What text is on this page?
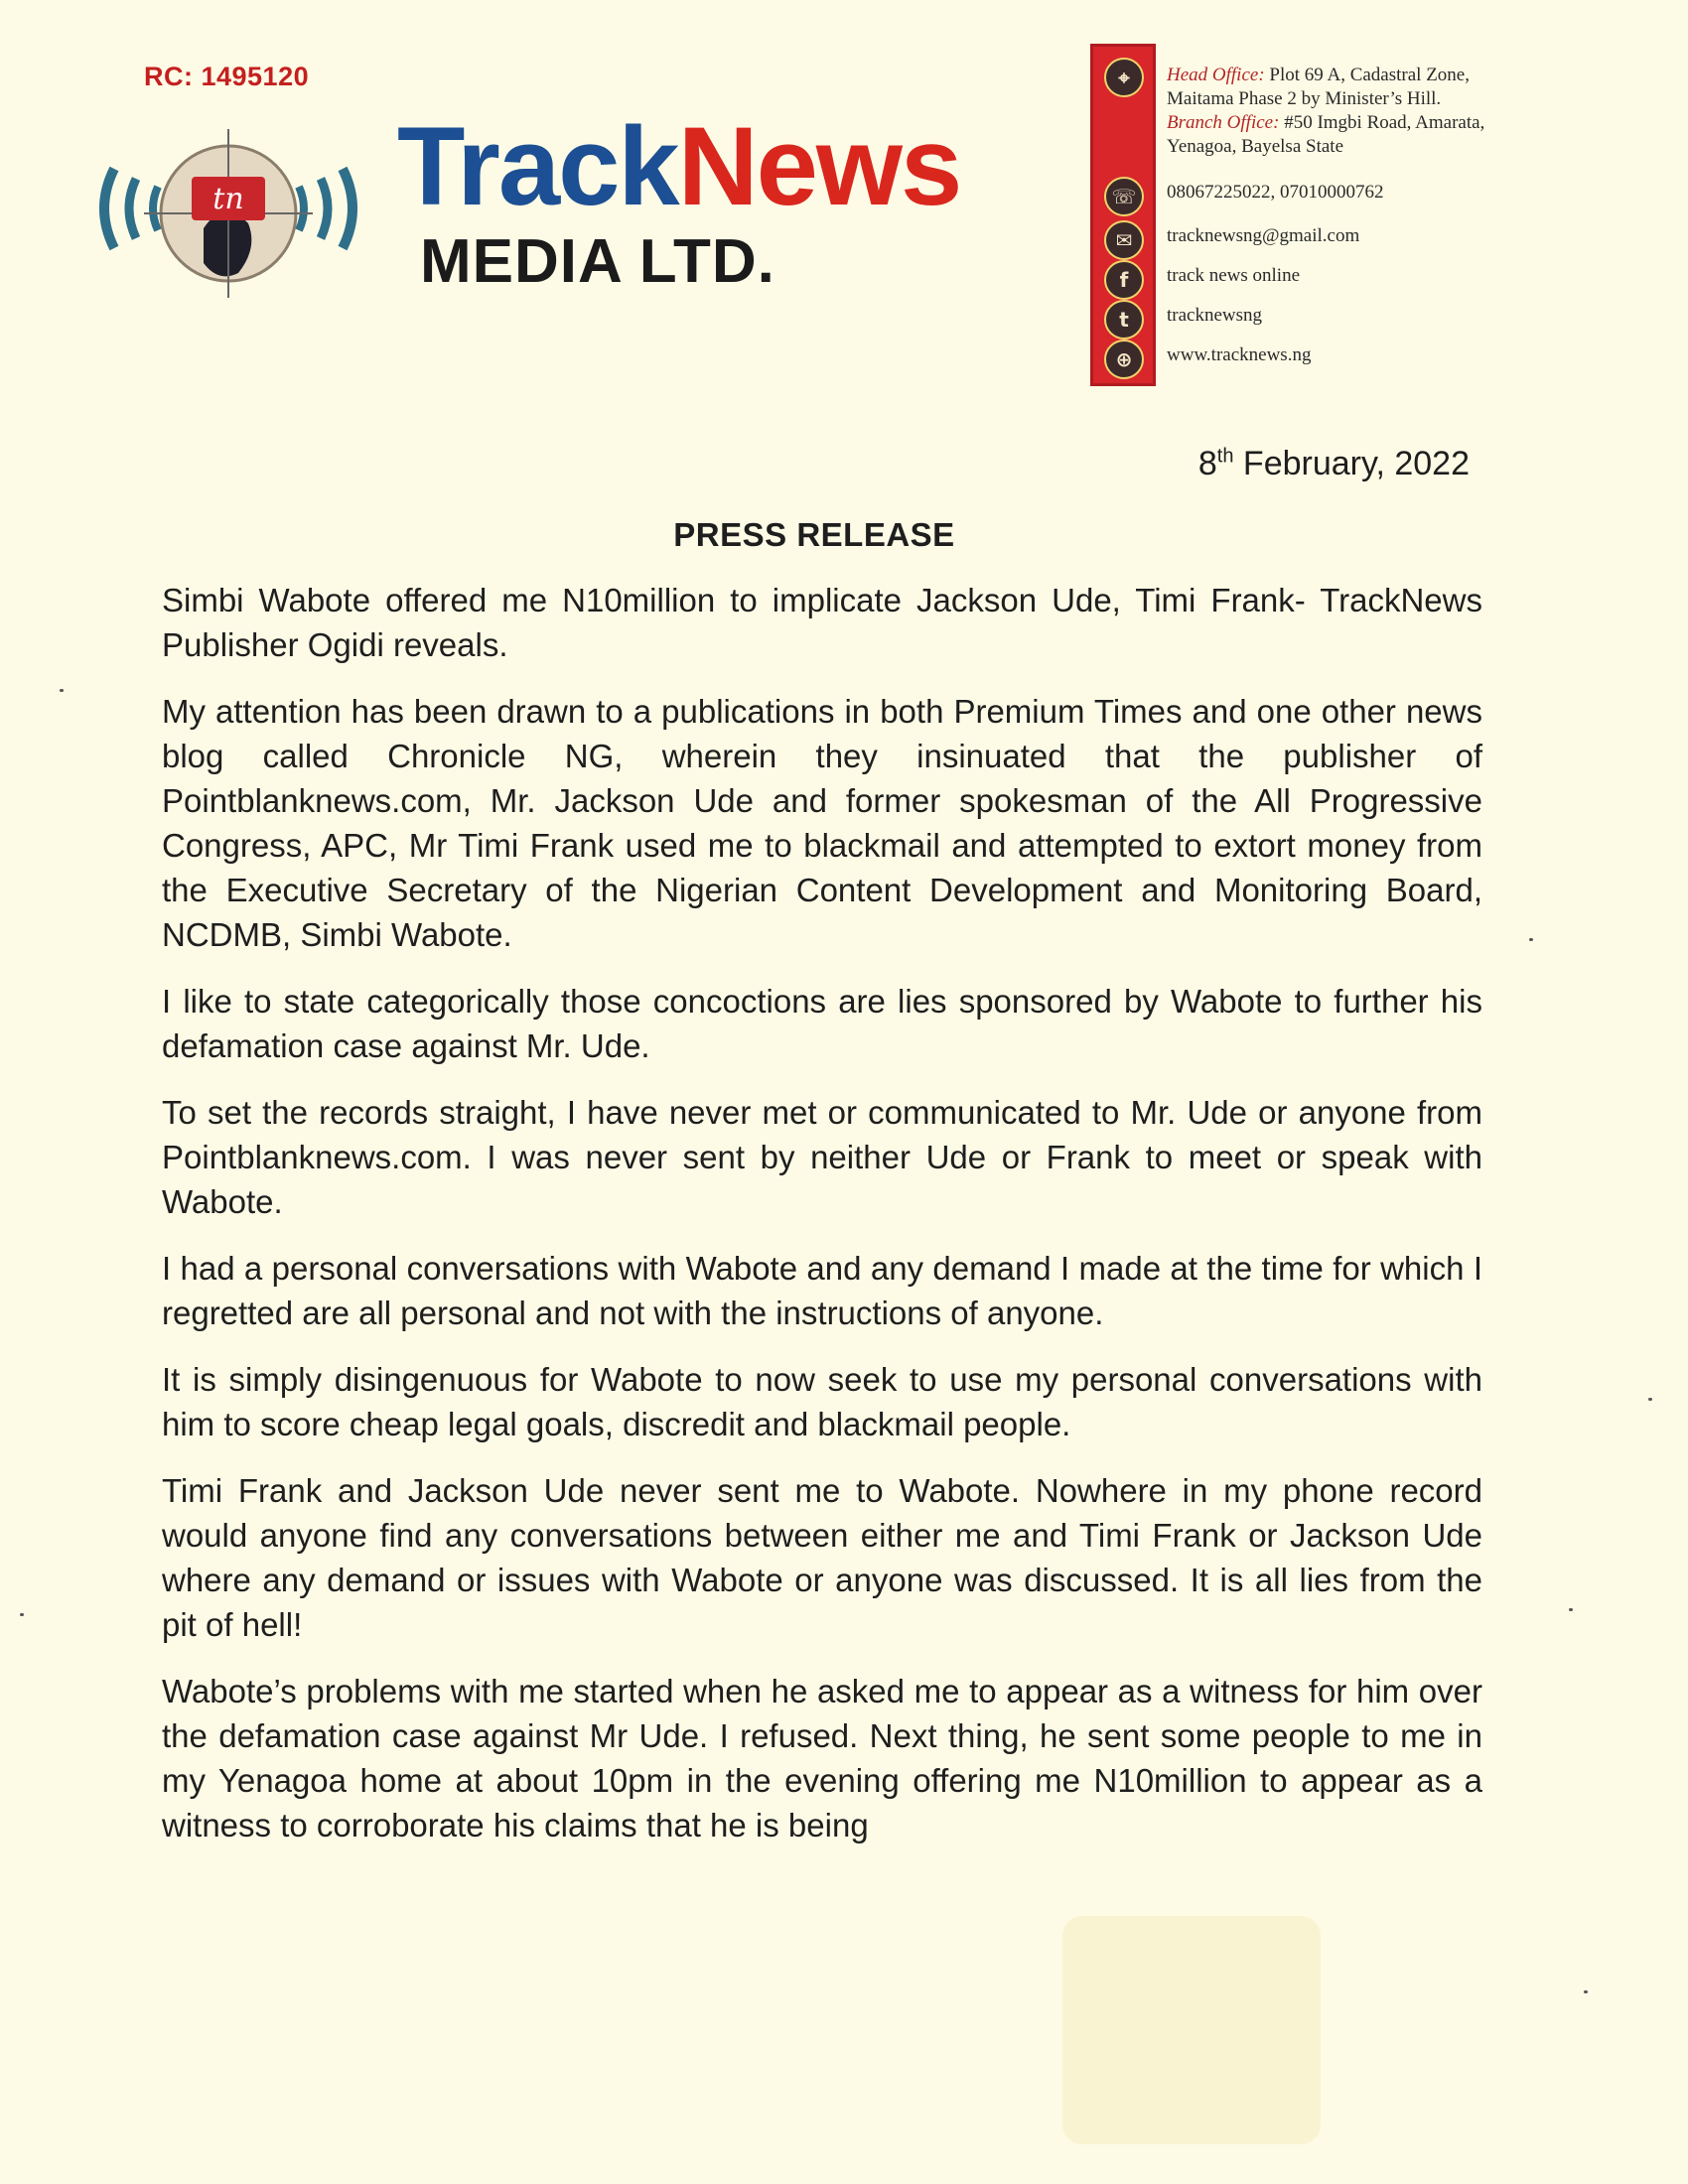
RC: 1495120
tn TrackNews
MEDIA LTD.
⌖
☏
✉
f
t
⊕
Head Office: Plot 69 A, Cadastral Zone,
Maitama Phase 2 by Minister’s Hill.
Branch Office: #50 Imgbi Road, Amarata,
Yenagoa, Bayelsa State
08067225022, 07010000762
tracknewsng@gmail.com
track news online
tracknewsng
www.tracknews.ng
8th February, 2022
PRESS RELEASE

Simbi Wabote offered me N10million to implicate Jackson Ude, Timi Frank- TrackNews Publisher Ogidi reveals.

My attention has been drawn to a publications in both Premium Times and one other news blog called Chronicle NG, wherein they insinuated that the publisher of Pointblanknews.com, Mr. Jackson Ude and former spokesman of the All Progressive Congress, APC, Mr Timi Frank used me to blackmail and attempted to extort money from the Executive Secretary of the Nigerian Content Development and Monitoring Board, NCDMB, Simbi Wabote.

I like to state categorically those concoctions are lies sponsored by Wabote to further his defamation case against Mr. Ude.

To set the records straight, I have never met or communicated to Mr. Ude or anyone from Pointblanknews.com. I was never sent by neither Ude or Frank to meet or speak with Wabote.

I had a personal conversations with Wabote and any demand I made at the time for which I regretted are all personal and not with the instructions of anyone.

It is simply disingenuous for Wabote to now seek to use my personal conversations with him to score cheap legal goals, discredit and blackmail people.

Timi Frank and Jackson Ude never sent me to Wabote. Nowhere in my phone record would anyone find any conversations between either me and Timi Frank or Jackson Ude where any demand or issues with Wabote or anyone was discussed. It is all lies from the pit of hell!

Wabote’s problems with me started when he asked me to appear as a witness for him over the defamation case against Mr Ude. I refused. Next thing, he sent some people to me in my Yenagoa home at about 10pm in the evening offering me N10million to appear as a witness to corroborate his claims that he is being
